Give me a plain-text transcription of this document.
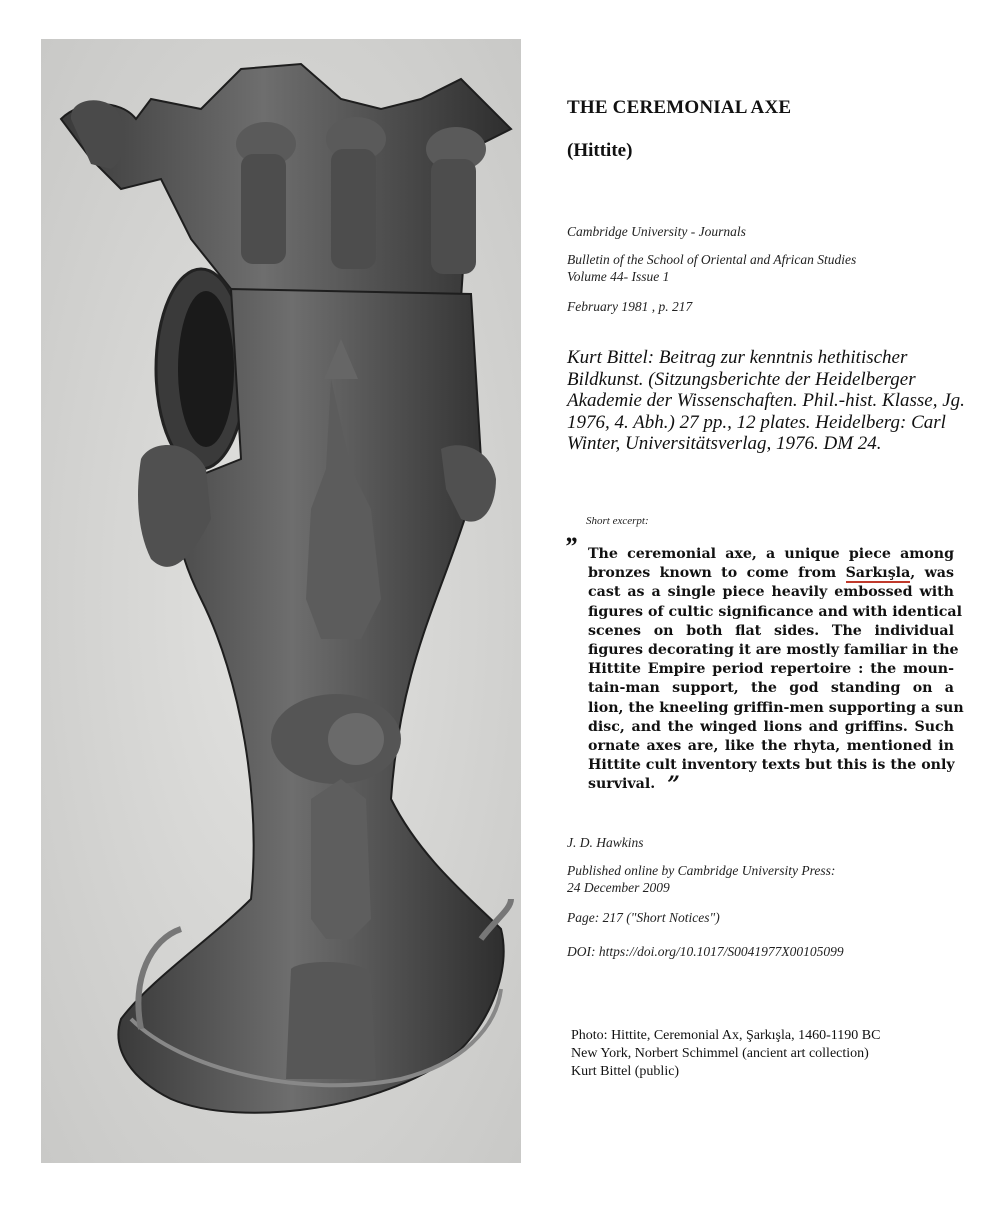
THE CEREMONIAL AXE
(Hittite)
Cambridge University - Journals
Bulletin of the School of Oriental and African Studies
Volume 44- Issue 1
February 1981 , p. 217
Kurt Bittel: Beitrag zur kenntnis hethitischer Bildkunst. (Sitzungsberichte der Heidelberger Akademie der Wissenschaften. Phil.-hist. Klasse, Jg. 1976, 4. Abh.) 27 pp., 12 plates. Heidelberg: Carl Winter, Universitätsverlag, 1976. DM 24.
Short excerpt:
” The ceremonial axe, a unique piece among
bronzes known to come from Sarkışla, was
cast as a single piece heavily embossed with
figures of cultic significance and with identical
scenes on both flat sides. The individual
figures decorating it are mostly familiar in the
Hittite Empire period repertoire : the moun-
tain-man support, the god standing on a
lion, the kneeling griffin-men supporting a sun
disc, and the winged lions and griffins. Such
ornate axes are, like the rhyta, mentioned in
Hittite cult inventory texts but this is the only
survival. ”
J. D. Hawkins
Published online by Cambridge University Press:
24 December 2009
Page: 217 ("Short Notices")
DOI: https://doi.org/10.1017/S0041977X00105099
Photo: Hittite, Ceremonial Ax, Şarkışla, 1460-1190 BC
New York, Norbert Schimmel (ancient art collection)
Kurt Bittel (public)
